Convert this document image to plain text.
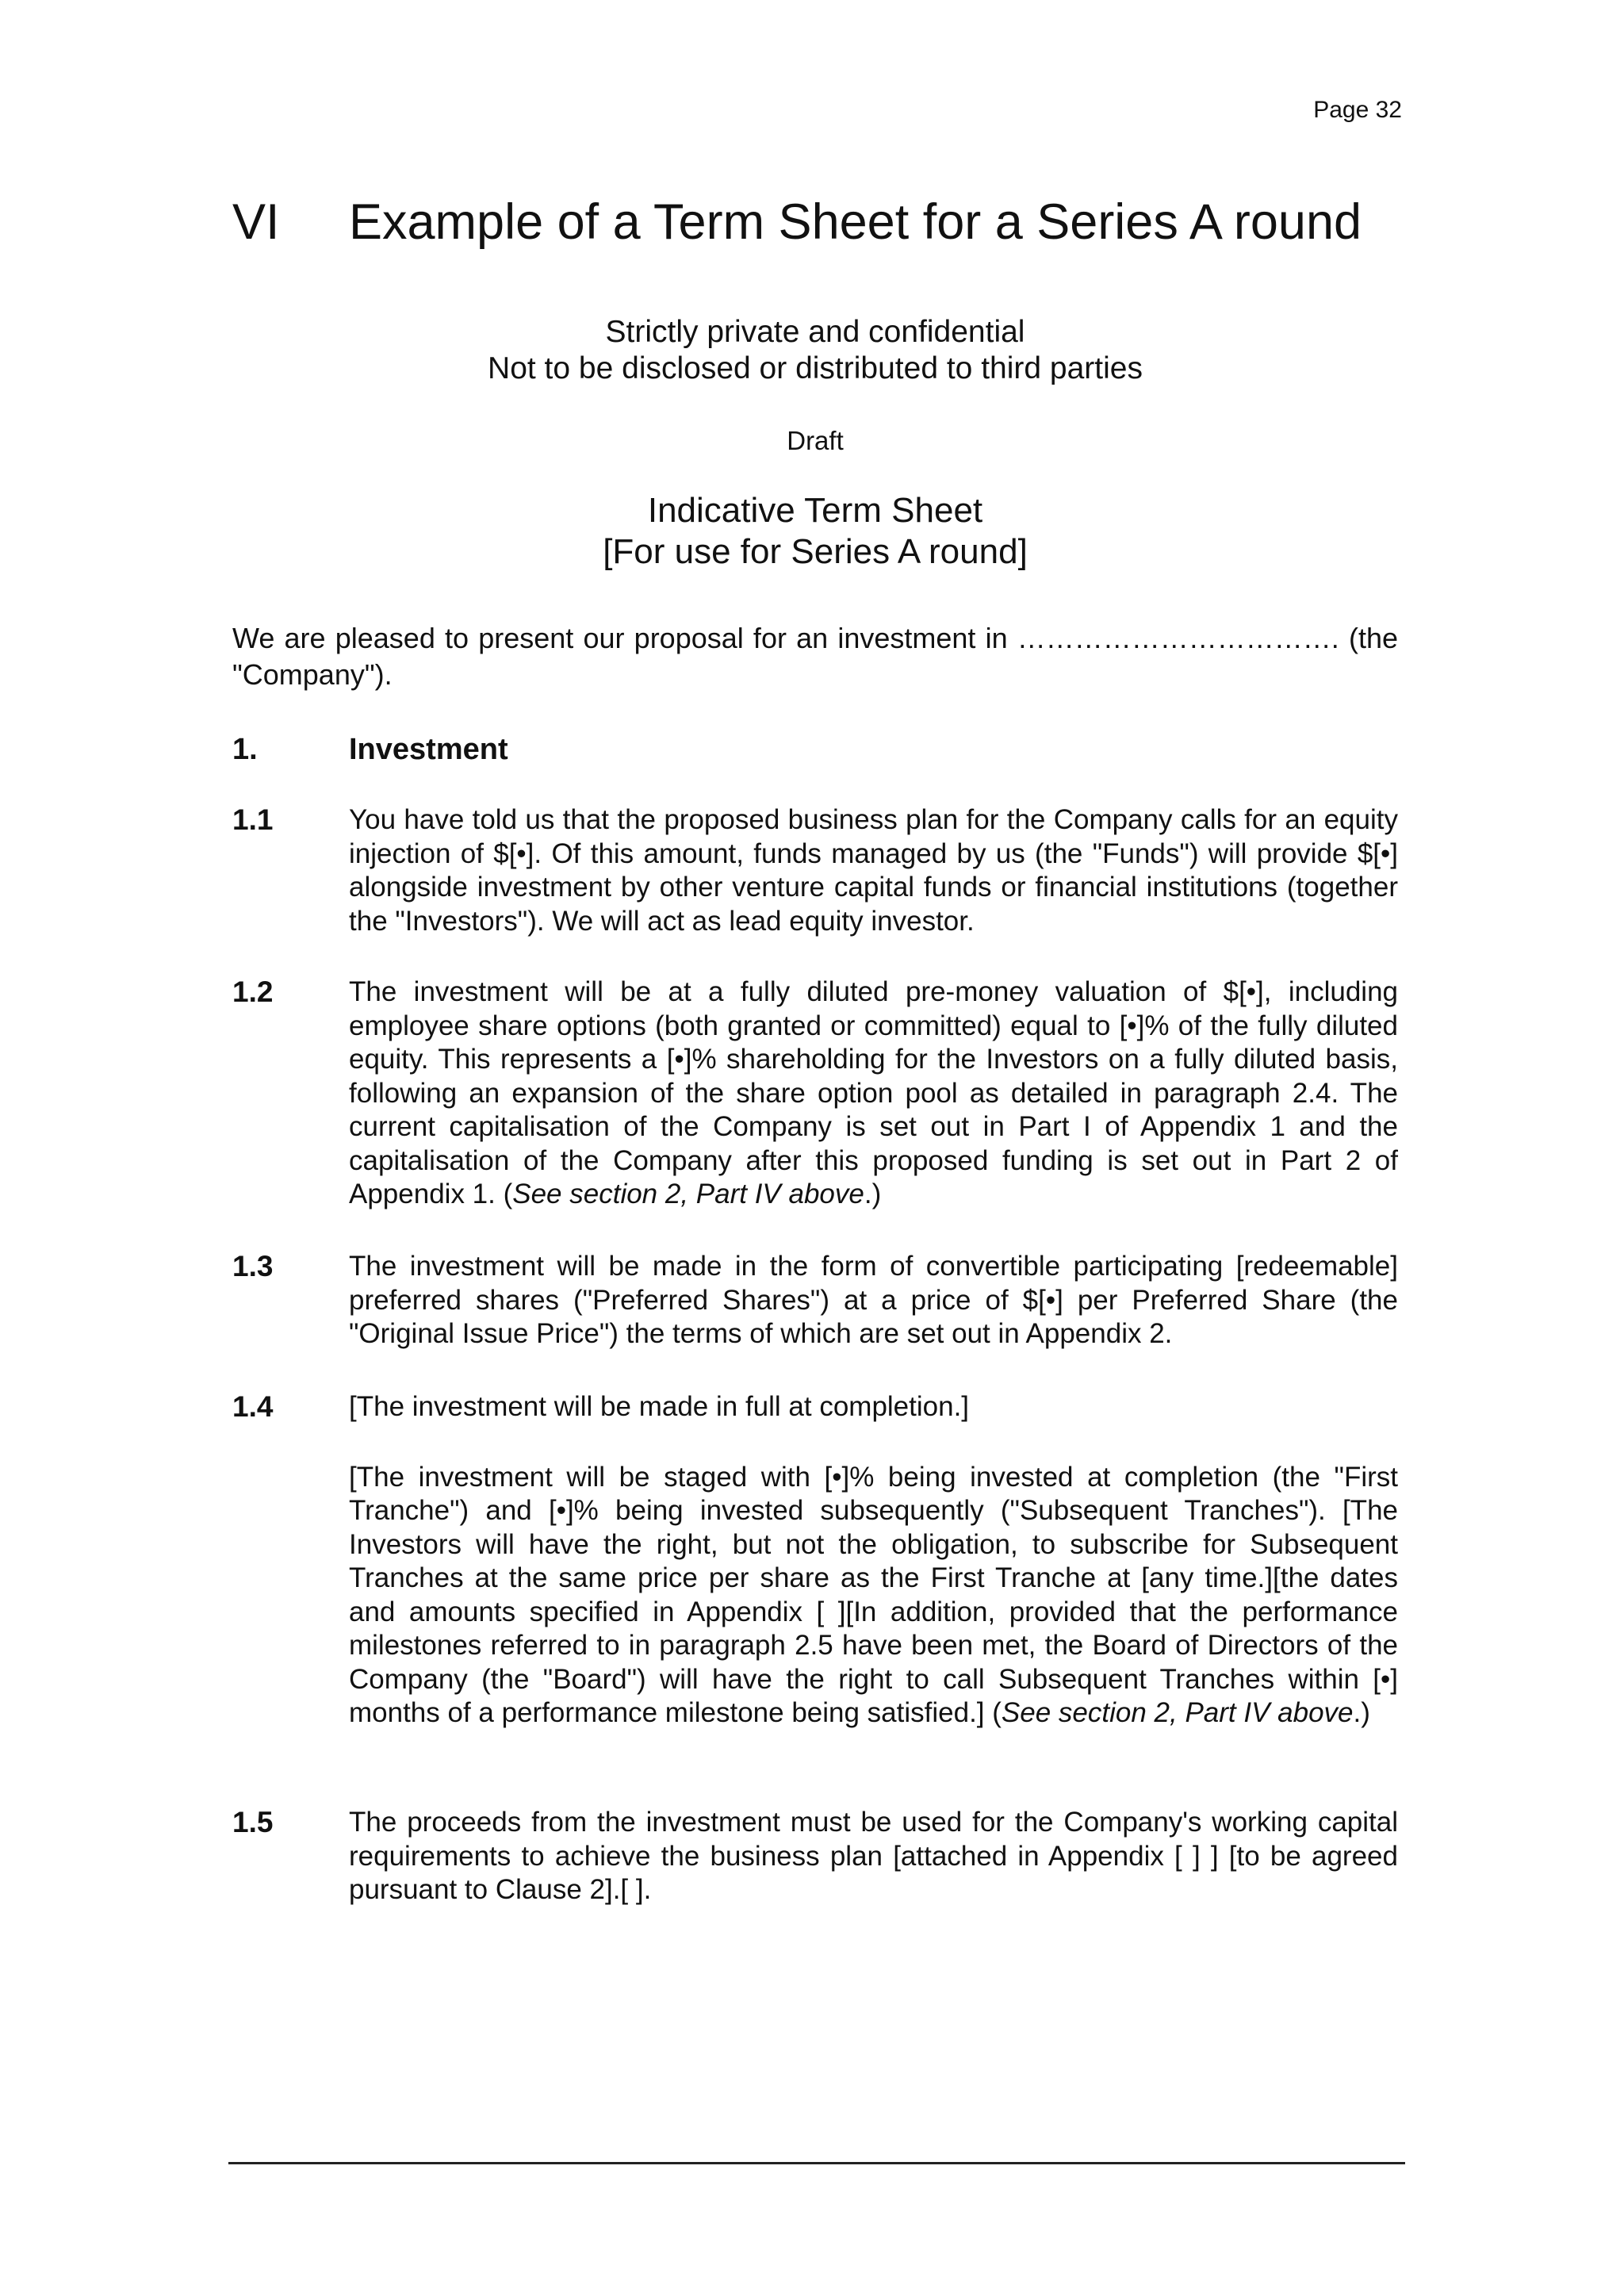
Page 32
VI Example of a Term Sheet for a Series A round
Strictly private and confidential
Not to be disclosed or distributed to third parties
Draft
Indicative Term Sheet
[For use for Series A round]
We are pleased to present our proposal for an investment in ……………………………. (the "Company").
1.	Investment
1.1	You have told us that the proposed business plan for the Company calls for an equity injection of $[•]. Of this amount, funds managed by us (the "Funds") will provide $[•] alongside investment by other venture capital funds or financial institutions (together the "Investors"). We will act as lead equity investor.

1.2	The investment will be at a fully diluted pre-money valuation of $[•], including employee share options (both granted or committed) equal to [•]% of the fully diluted equity. This represents a [•]% shareholding for the Investors on a fully diluted basis, following an expansion of the share option pool as detailed in paragraph 2.4. The current capitalisation of the Company is set out in Part I of Appendix 1 and the capitalisation of the Company after this proposed funding is set out in Part 2 of Appendix 1. (See section 2, Part IV above.)

1.3	The investment will be made in the form of convertible participating [redeemable] preferred shares ("Preferred Shares") at a price of $[•] per Preferred Share (the "Original Issue Price") the terms of which are set out in Appendix 2.

1.4	[The investment will be made in full at completion.]

[The investment will be staged with [•]% being invested at completion (the "First Tranche") and [•]% being invested subsequently ("Subsequent Tranches"). [The Investors will have the right, but not the obligation, to subscribe for Subsequent Tranches at the same price per share as the First Tranche at [any time.][the dates and amounts specified in Appendix [ ][In addition, provided that the performance milestones referred to in paragraph 2.5 have been met, the Board of Directors of the Company (the "Board") will have the right to call Subsequent Tranches within [•] months of a performance milestone being satisfied.] (See section 2, Part IV above.)

1.5	The proceeds from the investment must be used for the Company's working capital requirements to achieve the business plan [attached in Appendix [ ] ] [to be agreed pursuant to Clause 2].[ ].
